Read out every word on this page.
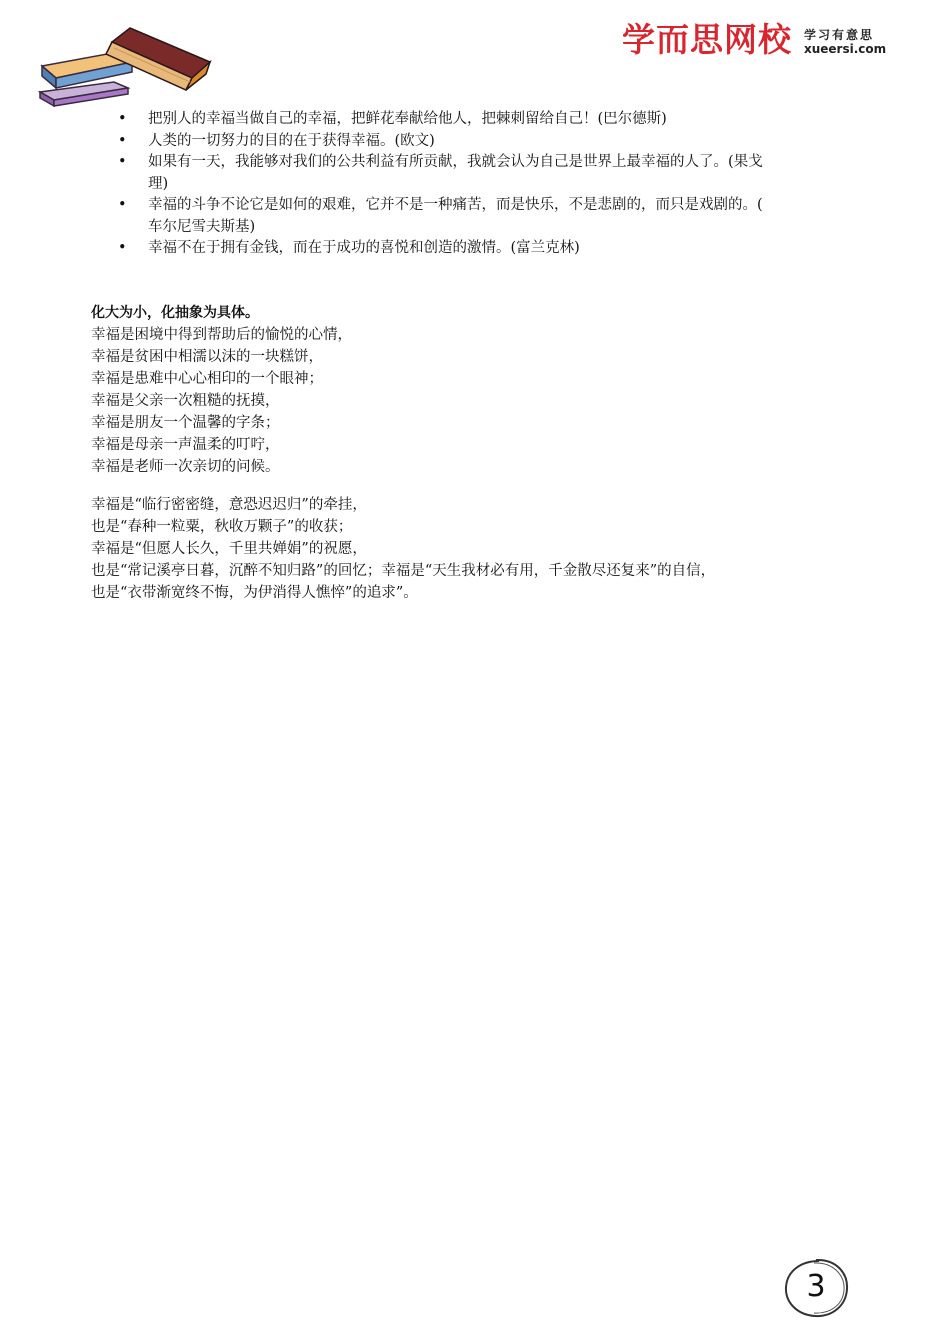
学而思网校 学习有意思
xueersi.com
• 把别人的幸福当做自己的幸福，把鲜花奉献给他人，把棘刺留给自己！(巴尔德斯)
• 人类的一切努力的目的在于获得幸福。(欧文)
• 如果有一天，我能够对我们的公共利益有所贡献，我就会认为自己是世界上最幸福的人了。(果戈
理)
• 幸福的斗争不论它是如何的艰难，它并不是一种痛苦，而是快乐，不是悲剧的，而只是戏剧的。(
车尔尼雪夫斯基)
• 幸福不在于拥有金钱，而在于成功的喜悦和创造的激情。(富兰克林)
化大为小，化抽象为具体。
幸福是困境中得到帮助后的愉悦的心情，
幸福是贫困中相濡以沫的一块糕饼，
幸福是患难中心心相印的一个眼神；
幸福是父亲一次粗糙的抚摸，
幸福是朋友一个温馨的字条；
幸福是母亲一声温柔的叮咛，
幸福是老师一次亲切的问候。
幸福是“临行密密缝，意恐迟迟归”的牵挂，
也是“春种一粒粟，秋收万颗子”的收获；
幸福是“但愿人长久，千里共婵娟”的祝愿，
也是“常记溪亭日暮，沉醉不知归路”的回忆；幸福是“天生我材必有用，千金散尽还复来”的自信，
也是“衣带渐宽终不悔，为伊消得人憔悴”的追求”。
3
